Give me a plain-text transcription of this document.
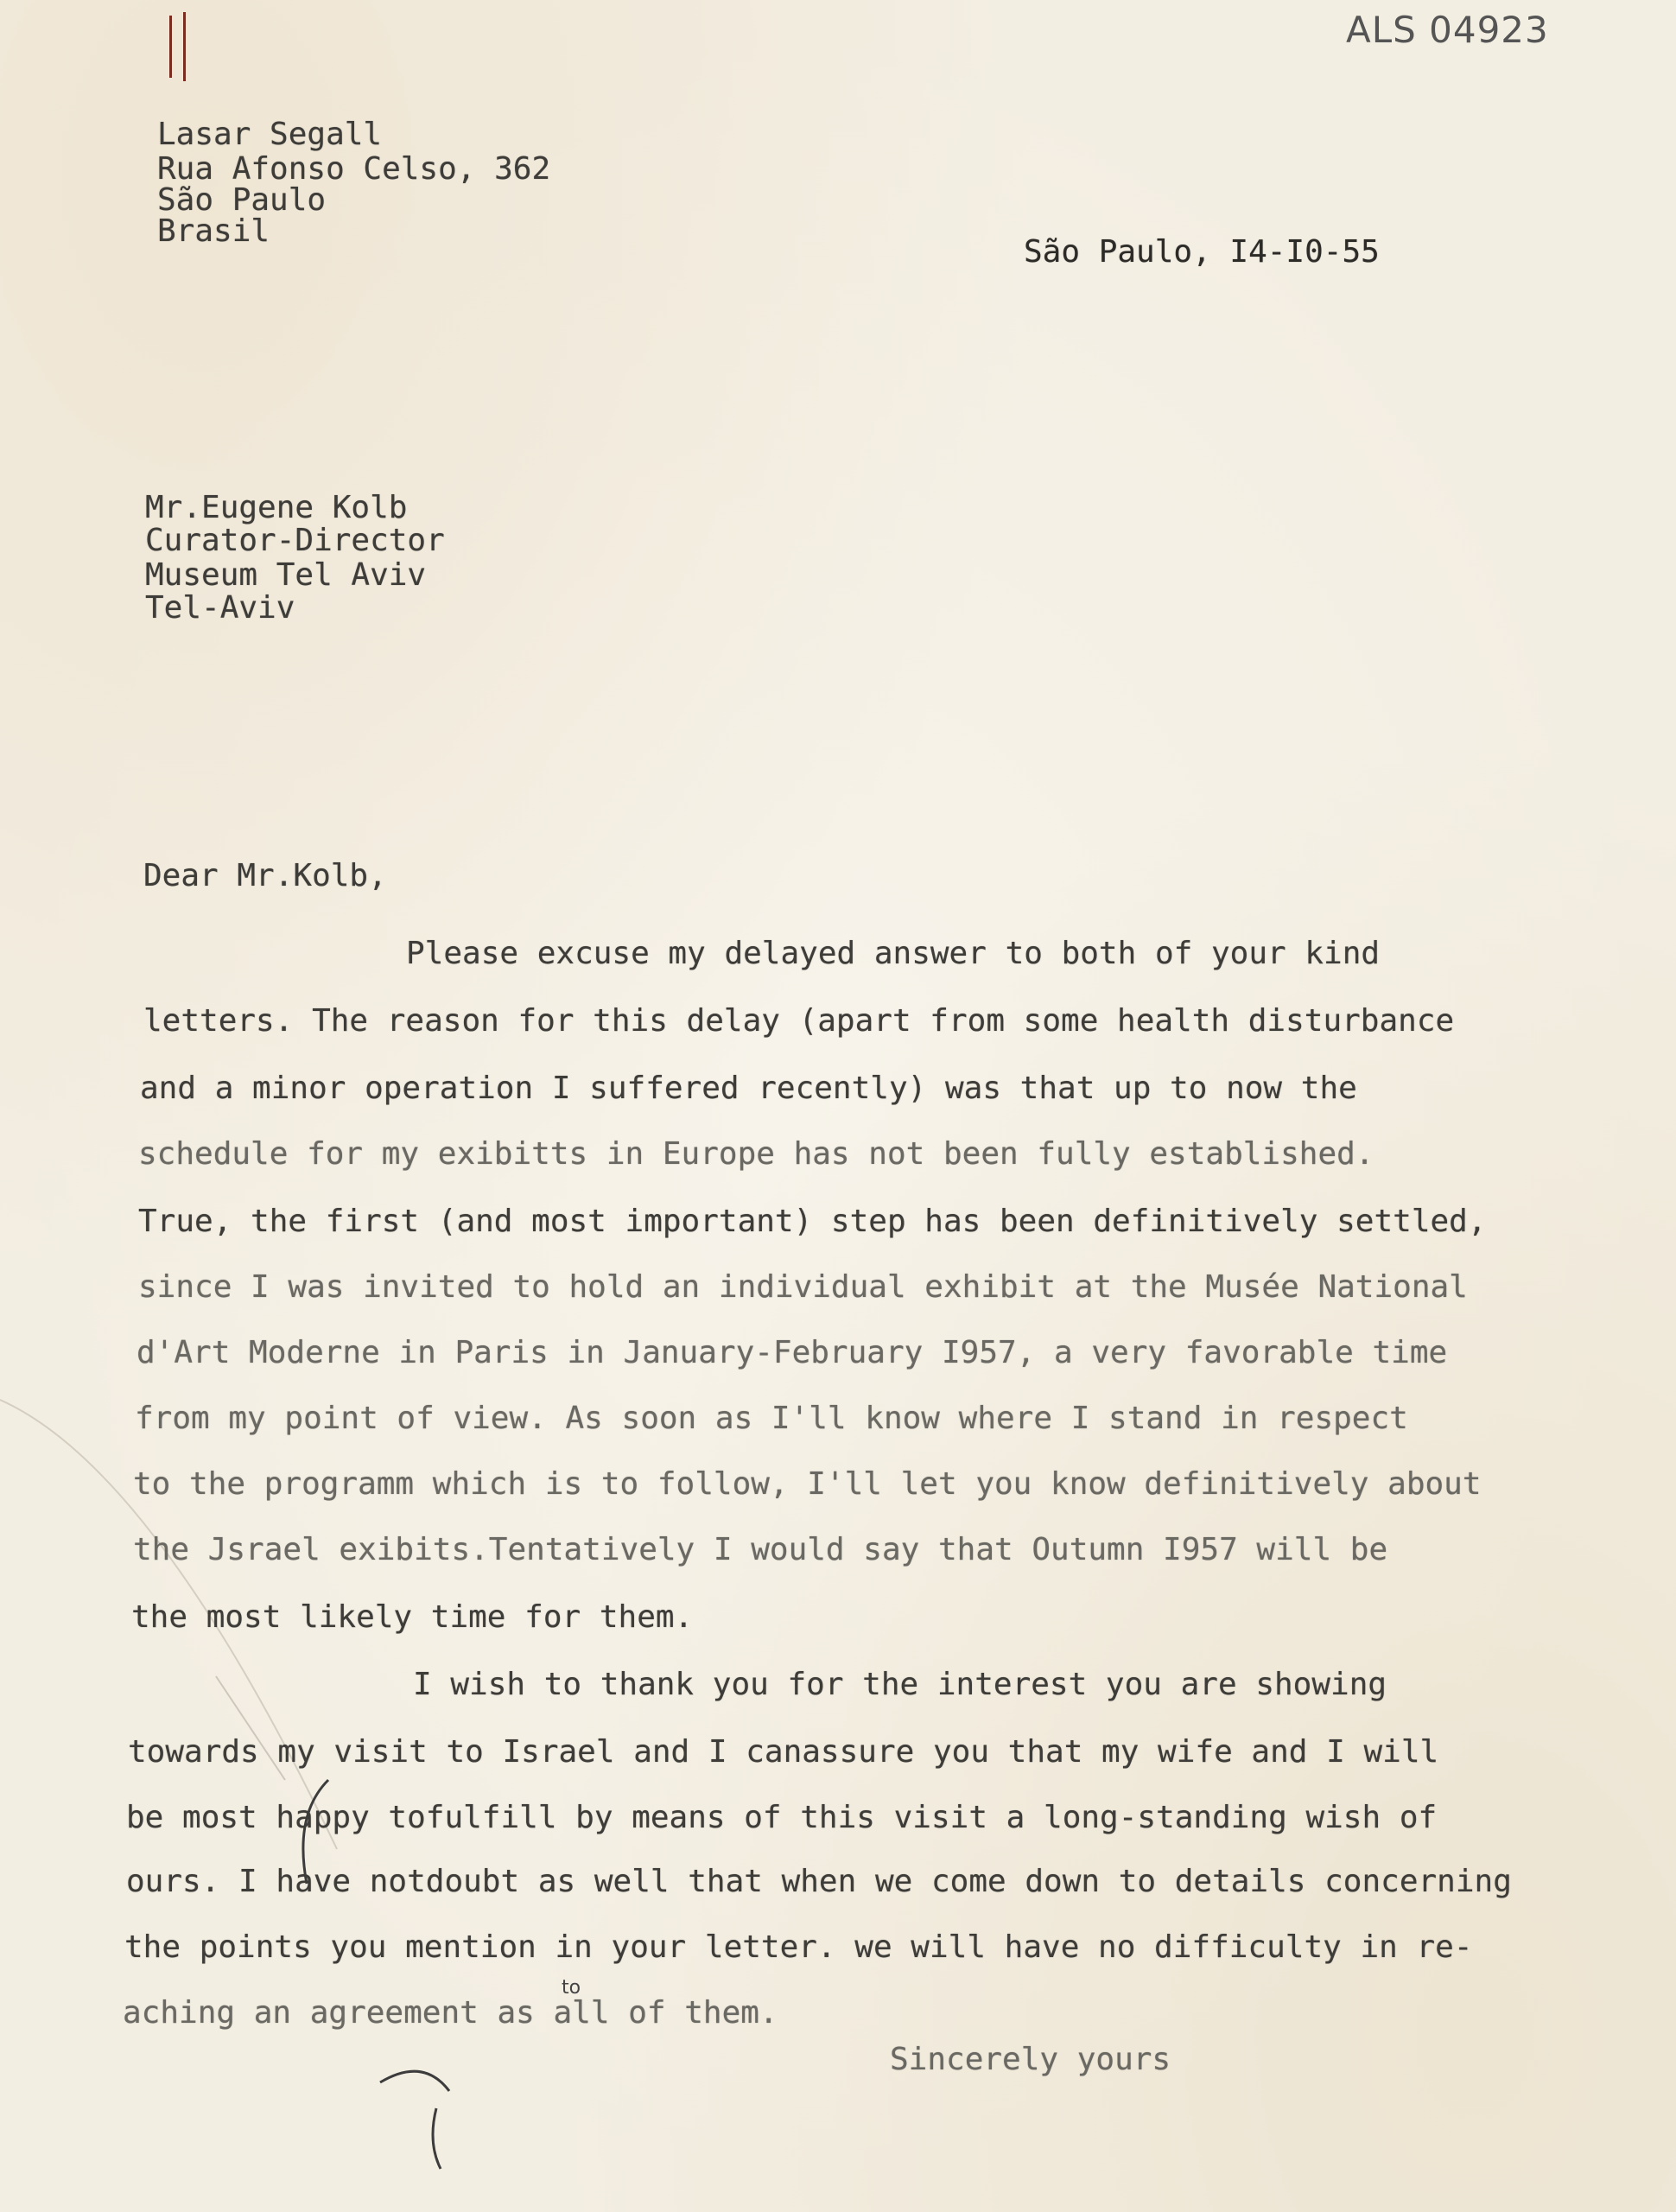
ALS 04923
Lasar Segall
Rua Afonso Celso, 362
São Paulo
Brasil
São Paulo, I4-I0-55
Mr.Eugene Kolb
Curator-Director
Museum Tel Aviv
Tel-Aviv
Dear Mr.Kolb,
Please excuse my delayed answer to both of your kind
letters. The reason for this delay (apart from some health disturbance
and a minor operation I suffered recently) was that up to now the
schedule for my exibitts in Europe has not been fully established.
True, the first (and most important) step has been definitively settled,
since I was invited to hold an individual exhibit at the Musée National
d'Art Moderne in Paris in January-February I957, a very favorable time
from my point of view. As soon as I'll know where I stand in respect
to the programm which is to follow, I'll let you know definitively about
the Jsrael exibits.Tentatively I would say that Outumn I957 will be
the most likely time for them.
I wish to thank you for the interest you are showing
towards my visit to Israel and I canassure you that my wife and I will
be most happy tofulfill by means of this visit a long-standing wish of
ours. I have notdoubt as well that when we come down to details concerning
the points you mention in your letter. we will have no difficulty in re-
aching an agreement as all of them.
to
Sincerely yours
